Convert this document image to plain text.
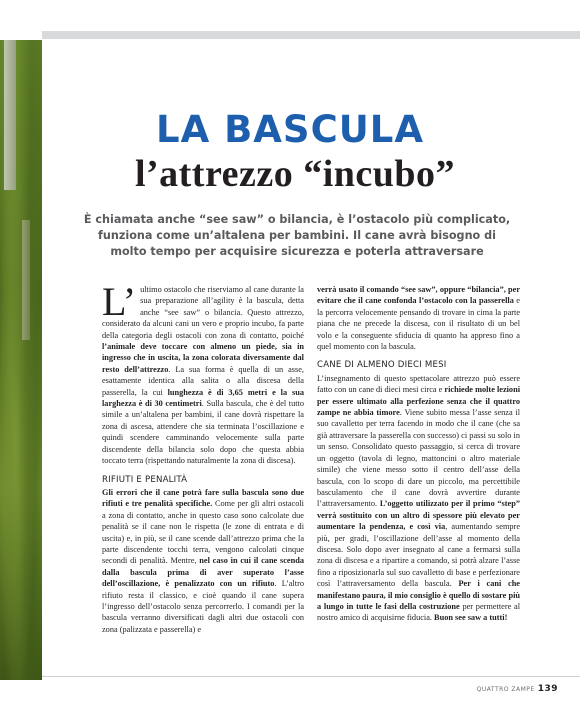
LA BASCULA
l’attrezzo “incubo”

È chiamata anche “see saw” o bilancia, è l’ostacolo più complicato, funziona come un’altalena per bambini. Il cane avrà bisogno di molto tempo per acquisire sicurezza e poterla attraversare

L’ ultimo ostacolo che riserviamo al cane durante la sua preparazione all’agility è la bascula, detta anche “see saw” o bilancia. Questo attrezzo, considerato da alcuni cani un vero e proprio incubo, fa parte della categoria degli ostacoli con zona di contatto, poiché l’animale deve toccare con almeno un piede, sia in ingresso che in uscita, la zona colorata diversamente dal resto dell’attrezzo. La sua forma è quella di un asse, esattamente identica alla salita o alla discesa della passerella, la cui lunghezza è di 3,65 metri e la sua larghezza è di 30 centimetri. Sulla bascula, che è del tutto simile a un’altalena per bambini, il cane dovrà rispettare la zona di ascesa, attendere che sia terminata l’oscillazione e quindi scendere camminando velocemente sulla parte discendente della bilancia solo dopo che questa abbia toccato terra (rispettando naturalmente la zona di discesa).

RIFIUTI E PENALITÀ

Gli errori che il cane potrà fare sulla bascula sono due rifiuti e tre penalità specifiche. Come per gli altri ostacoli a zona di contatto, anche in questo caso sono calcolate due penalità se il cane non le rispetta (le zone di entrata e di uscita) e, in più, se il cane scende dall’attrezzo prima che la parte discendente tocchi terra, vengono calcolati cinque secondi di penalità. Mentre, nel caso in cui il cane scenda dalla bascula prima di aver superato l’asse dell’oscillazione, è penalizzato con un rifiuto. L’altro rifiuto resta il classico, e cioè quando il cane supera l’ingresso dell’ostacolo senza percorrerlo. I comandi per la bascula verranno diversificati dagli altri due ostacoli con zona (palizzata e passerella) e

verrà usato il comando “see saw”, oppure “bilancia”, per evitare che il cane confonda l’ostacolo con la passerella e la percorra velocemente pensando di trovare in cima la parte piana che ne precede la discesa, con il risultato di un bel volo e la conseguente sfiducia di quanto ha appreso fino a quel momento con la bascula.

CANE DI ALMENO DIECI MESI

L’insegnamento di questo spettacolare attrezzo può essere fatto con un cane di dieci mesi circa e richiede molte lezioni per essere ultimato alla perfezione senza che il quattro zampe ne abbia timore. Viene subito messa l’asse senza il suo cavalletto per terra facendo in modo che il cane (che sa già attraversare la passerella con successo) ci passi su solo in un senso. Consolidato questo passaggio, si cerca di trovare un oggetto (tavola di legno, mattoncini o altro materiale simile) che viene messo sotto il centro dell’asse della bascula, con lo scopo di dare un piccolo, ma percettibile basculamento che il cane dovrà avvertire durante l’attraversamento. L’oggetto utilizzato per il primo “step” verrà sostituito con un altro di spessore più elevato per aumentare la pendenza, e così via, aumentando sempre più, per gradi, l’oscillazione dell’asse al momento della discesa. Solo dopo aver insegnato al cane a fermarsi sulla zona di discesa e a ripartire a comando, si potrà alzare l’asse fino a riposizionarla sul suo cavalletto di base e perfezionare così l’attraversamento della bascula. Per i cani che manifestano paura, il mio consiglio è quello di sostare più a lungo in tutte le fasi della costruzione per permettere al nostro amico di acquisirne fiducia. Buon see saw a tutti!

QUATTRO ZAMPE 139
